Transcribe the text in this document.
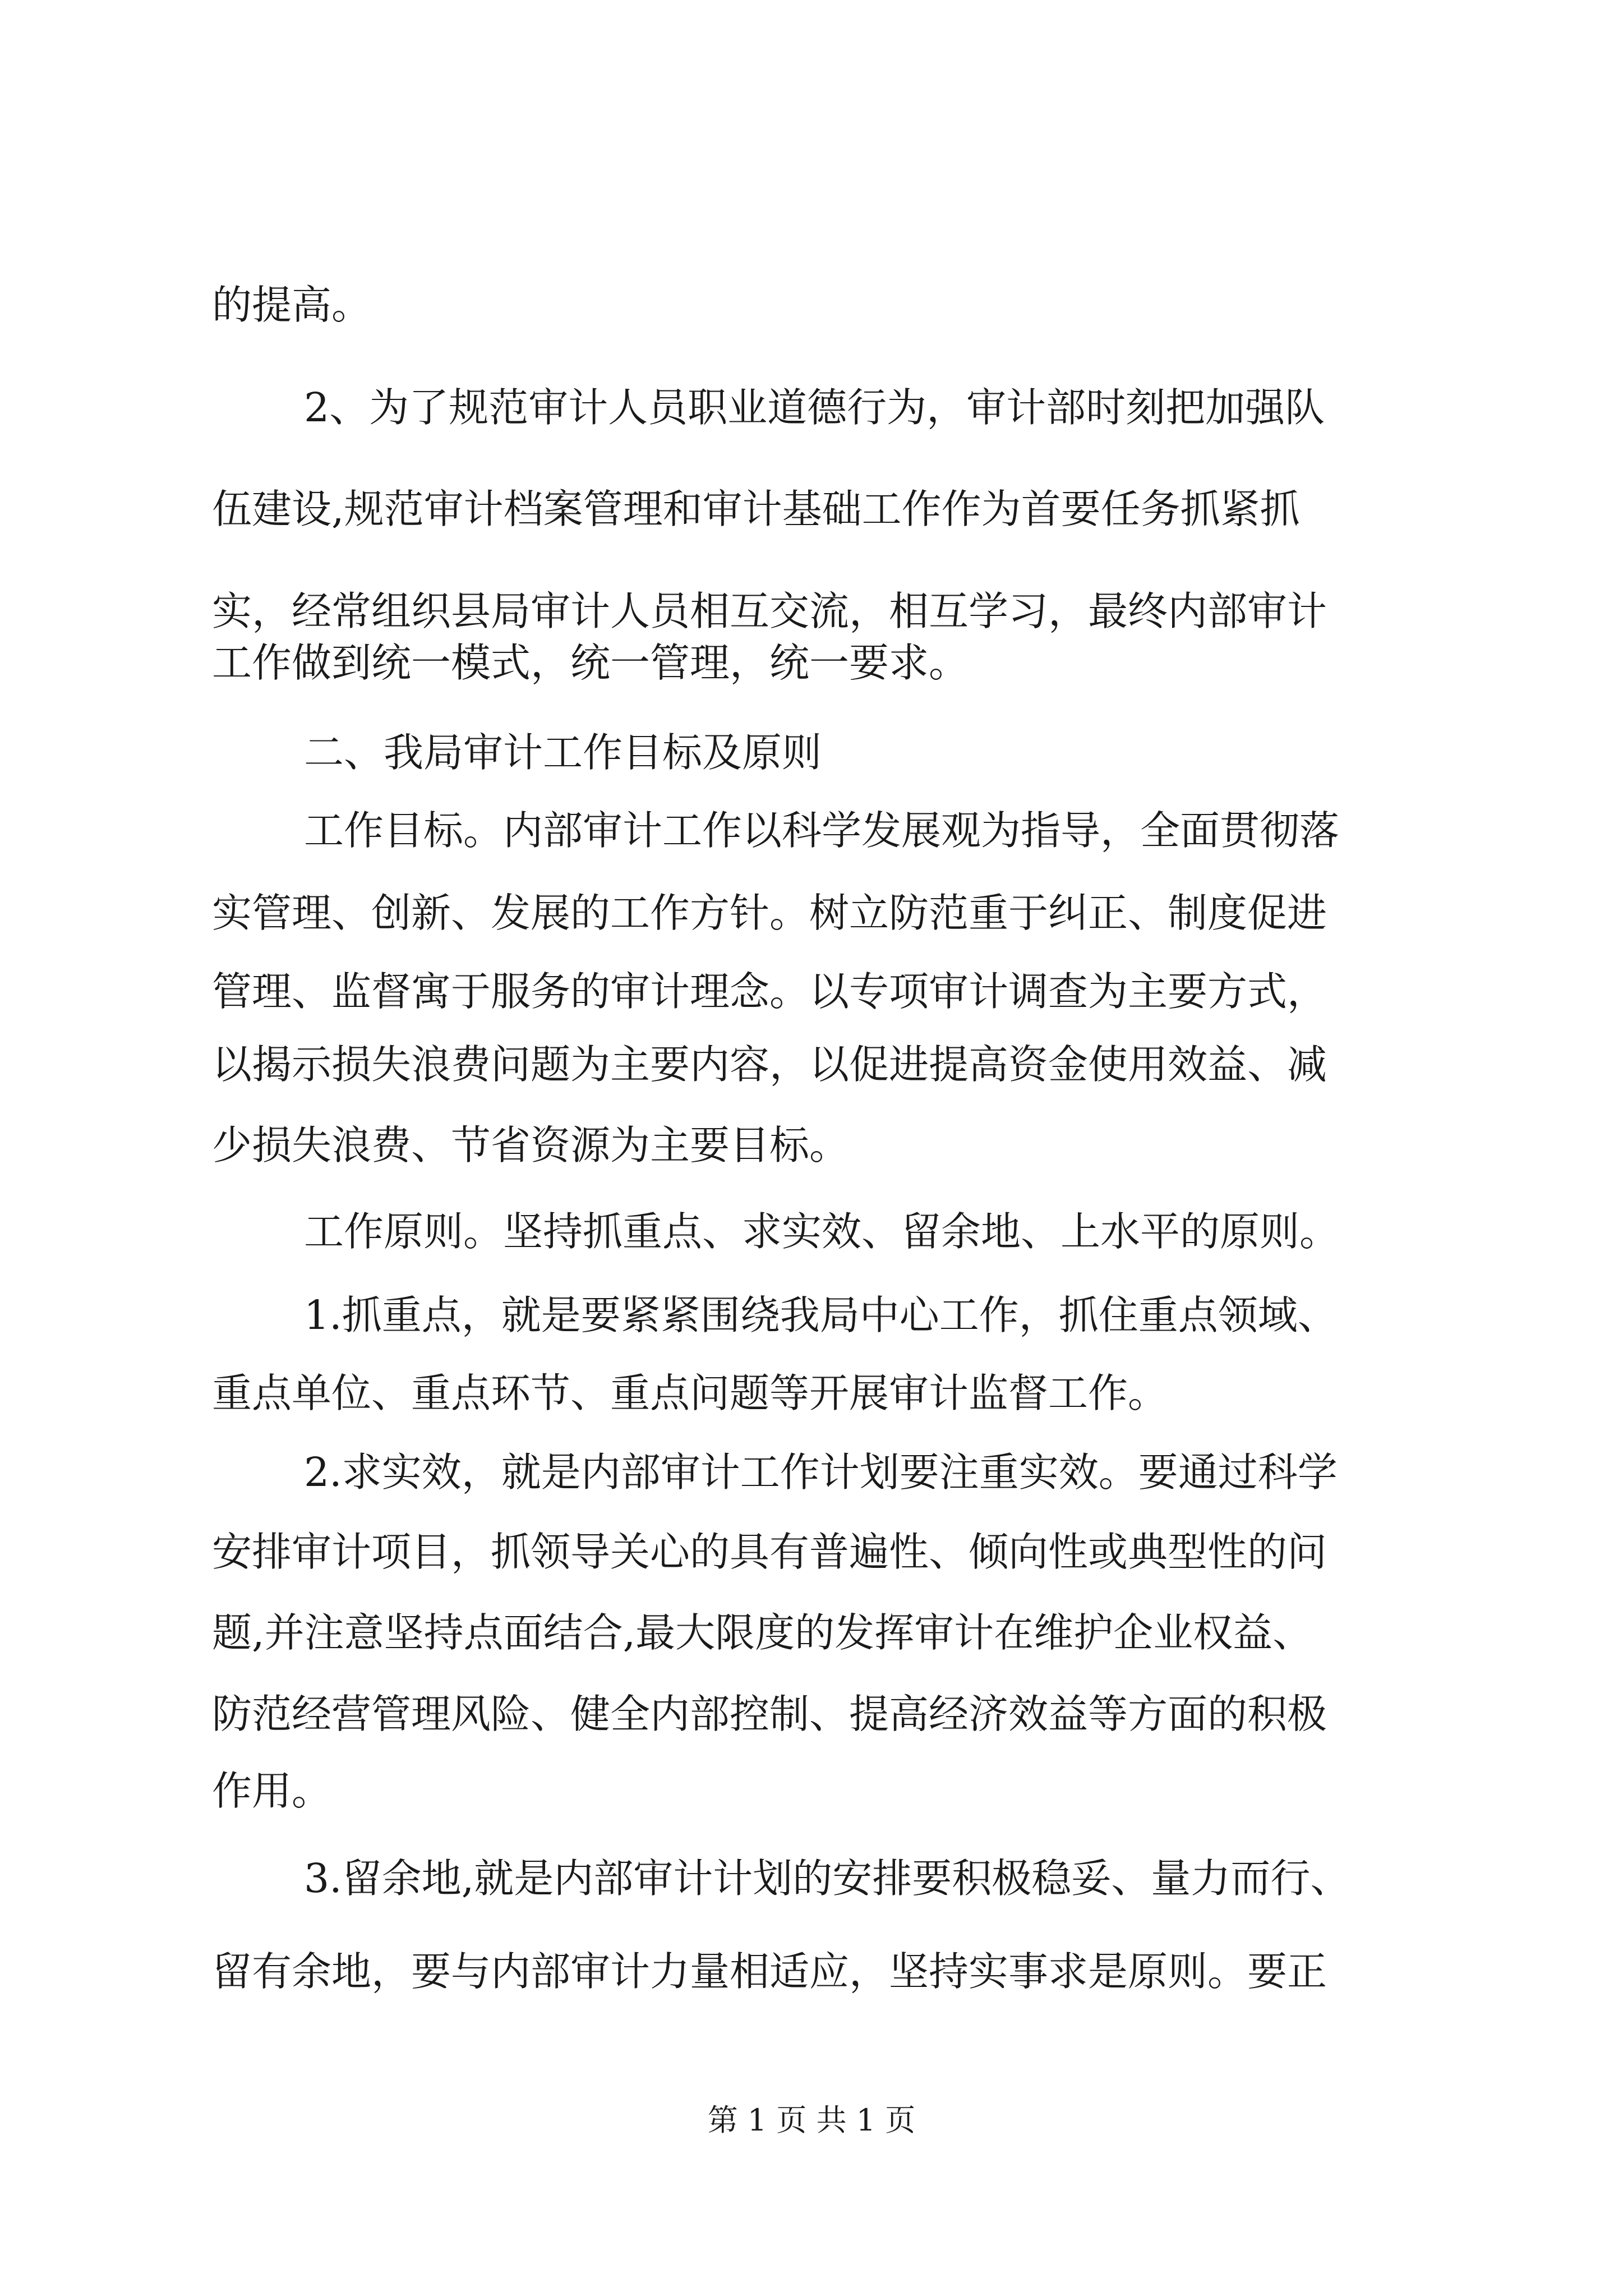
的提高。

2、为了规范审计人员职业道德行为，审计部时刻把加强队

伍建设,规范审计档案管理和审计基础工作作为首要任务抓紧抓

实，经常组织县局审计人员相互交流，相互学习，最终内部审计

工作做到统一模式，统一管理，统一要求。

二、我局审计工作目标及原则

工作目标。内部审计工作以科学发展观为指导，全面贯彻落

实管理、创新、发展的工作方针。树立防范重于纠正、制度促进

管理、监督寓于服务的审计理念。以专项审计调查为主要方式，

以揭示损失浪费问题为主要内容，以促进提高资金使用效益、减

少损失浪费、节省资源为主要目标。

工作原则。坚持抓重点、求实效、留余地、上水平的原则。

1.抓重点，就是要紧紧围绕我局中心工作，抓住重点领域、

重点单位、重点环节、重点问题等开展审计监督工作。

2.求实效，就是内部审计工作计划要注重实效。要通过科学

安排审计项目，抓领导关心的具有普遍性、倾向性或典型性的问

题,并注意坚持点面结合,最大限度的发挥审计在维护企业权益、

防范经营管理风险、健全内部控制、提高经济效益等方面的积极

作用。

3.留余地,就是内部审计计划的安排要积极稳妥、量力而行、

留有余地，要与内部审计力量相适应，坚持实事求是原则。要正

第 1 页 共 1 页
